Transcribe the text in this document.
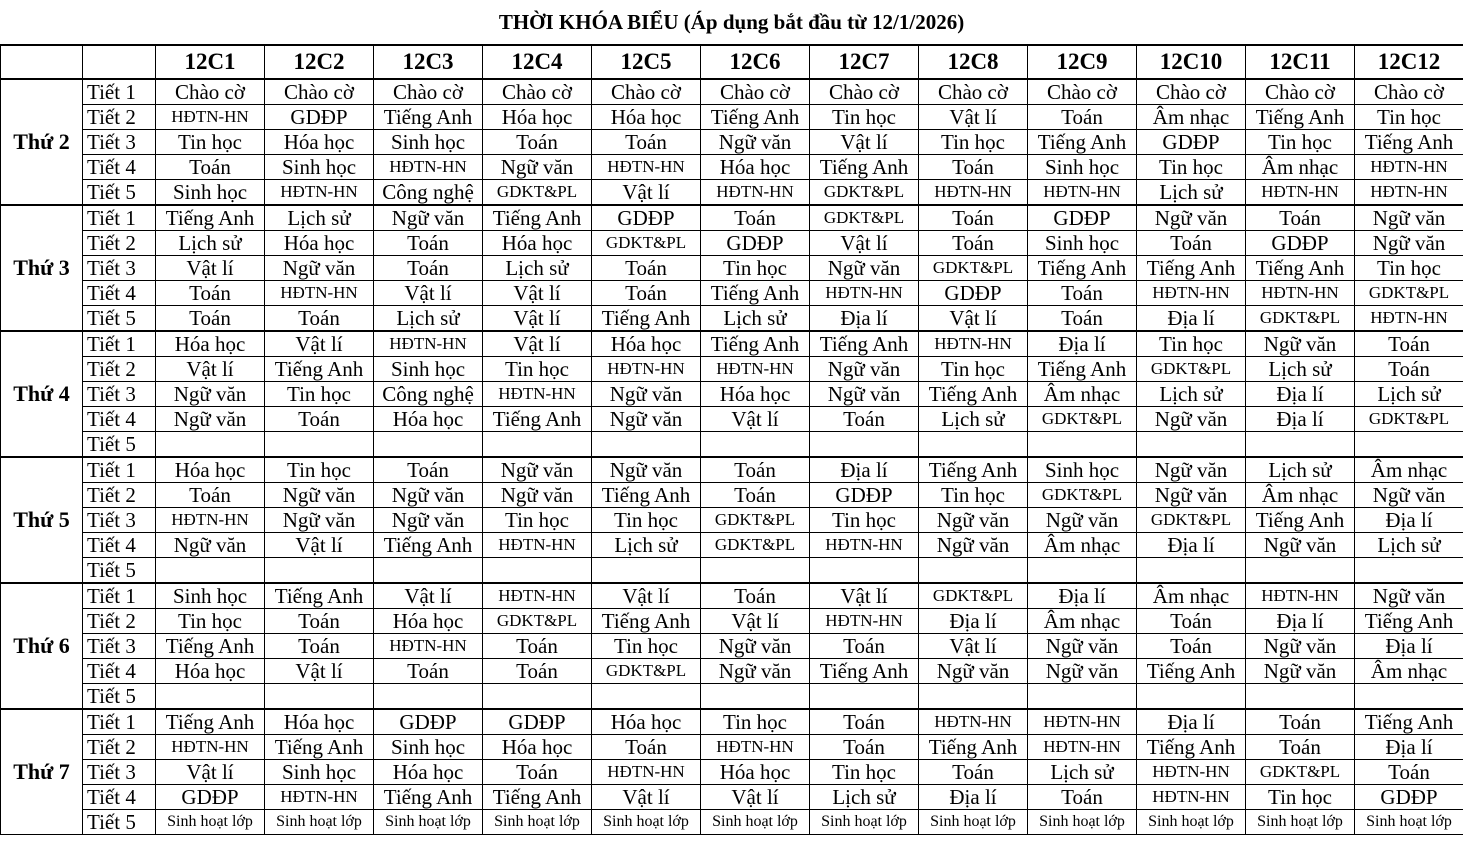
THỜI KHÓA BIỂU (Áp dụng bắt đầu từ 12/1/2026)
		12C1	12C2	12C3	12C4	12C5	12C6	12C7	12C8	12C9	12C10	12C11	12C12
Thứ 2	Tiết 1	Chào cờ	Chào cờ	Chào cờ	Chào cờ	Chào cờ	Chào cờ	Chào cờ	Chào cờ	Chào cờ	Chào cờ	Chào cờ	Chào cờ
	Tiết 2	HĐTN-HN	GDĐP	Tiếng Anh	Hóa học	Hóa học	Tiếng Anh	Tin học	Vật lí	Toán	Âm nhạc	Tiếng Anh	Tin học
	Tiết 3	Tin học	Hóa học	Sinh học	Toán	Toán	Ngữ văn	Vật lí	Tin học	Tiếng Anh	GDĐP	Tin học	Tiếng Anh
	Tiết 4	Toán	Sinh học	HĐTN-HN	Ngữ văn	HĐTN-HN	Hóa học	Tiếng Anh	Toán	Sinh học	Tin học	Âm nhạc	HĐTN-HN
	Tiết 5	Sinh học	HĐTN-HN	Công nghệ	GDKT&PL	Vật lí	HĐTN-HN	GDKT&PL	HĐTN-HN	HĐTN-HN	Lịch sử	HĐTN-HN	HĐTN-HN
Thứ 3	Tiết 1	Tiếng Anh	Lịch sử	Ngữ văn	Tiếng Anh	GDĐP	Toán	GDKT&PL	Toán	GDĐP	Ngữ văn	Toán	Ngữ văn
	Tiết 2	Lịch sử	Hóa học	Toán	Hóa học	GDKT&PL	GDĐP	Vật lí	Toán	Sinh học	Toán	GDĐP	Ngữ văn
	Tiết 3	Vật lí	Ngữ văn	Toán	Lịch sử	Toán	Tin học	Ngữ văn	GDKT&PL	Tiếng Anh	Tiếng Anh	Tiếng Anh	Tin học
	Tiết 4	Toán	HĐTN-HN	Vật lí	Vật lí	Toán	Tiếng Anh	HĐTN-HN	GDĐP	Toán	HĐTN-HN	HĐTN-HN	GDKT&PL
	Tiết 5	Toán	Toán	Lịch sử	Vật lí	Tiếng Anh	Lịch sử	Địa lí	Vật lí	Toán	Địa lí	GDKT&PL	HĐTN-HN
Thứ 4	Tiết 1	Hóa học	Vật lí	HĐTN-HN	Vật lí	Hóa học	Tiếng Anh	Tiếng Anh	HĐTN-HN	Địa lí	Tin học	Ngữ văn	Toán
	Tiết 2	Vật lí	Tiếng Anh	Sinh học	Tin học	HĐTN-HN	HĐTN-HN	Ngữ văn	Tin học	Tiếng Anh	GDKT&PL	Lịch sử	Toán
	Tiết 3	Ngữ văn	Tin học	Công nghệ	HĐTN-HN	Ngữ văn	Hóa học	Ngữ văn	Tiếng Anh	Âm nhạc	Lịch sử	Địa lí	Lịch sử
	Tiết 4	Ngữ văn	Toán	Hóa học	Tiếng Anh	Ngữ văn	Vật lí	Toán	Lịch sử	GDKT&PL	Ngữ văn	Địa lí	GDKT&PL
	Tiết 5												
Thứ 5	Tiết 1	Hóa học	Tin học	Toán	Ngữ văn	Ngữ văn	Toán	Địa lí	Tiếng Anh	Sinh học	Ngữ văn	Lịch sử	Âm nhạc
	Tiết 2	Toán	Ngữ văn	Ngữ văn	Ngữ văn	Tiếng Anh	Toán	GDĐP	Tin học	GDKT&PL	Ngữ văn	Âm nhạc	Ngữ văn
	Tiết 3	HĐTN-HN	Ngữ văn	Ngữ văn	Tin học	Tin học	GDKT&PL	Tin học	Ngữ văn	Ngữ văn	GDKT&PL	Tiếng Anh	Địa lí
	Tiết 4	Ngữ văn	Vật lí	Tiếng Anh	HĐTN-HN	Lịch sử	GDKT&PL	HĐTN-HN	Ngữ văn	Âm nhạc	Địa lí	Ngữ văn	Lịch sử
	Tiết 5												
Thứ 6	Tiết 1	Sinh học	Tiếng Anh	Vật lí	HĐTN-HN	Vật lí	Toán	Vật lí	GDKT&PL	Địa lí	Âm nhạc	HĐTN-HN	Ngữ văn
	Tiết 2	Tin học	Toán	Hóa học	GDKT&PL	Tiếng Anh	Vật lí	HĐTN-HN	Địa lí	Âm nhạc	Toán	Địa lí	Tiếng Anh
	Tiết 3	Tiếng Anh	Toán	HĐTN-HN	Toán	Tin học	Ngữ văn	Toán	Vật lí	Ngữ văn	Toán	Ngữ văn	Địa lí
	Tiết 4	Hóa học	Vật lí	Toán	Toán	GDKT&PL	Ngữ văn	Tiếng Anh	Ngữ văn	Ngữ văn	Tiếng Anh	Ngữ văn	Âm nhạc
	Tiết 5												
Thứ 7	Tiết 1	Tiếng Anh	Hóa học	GDĐP	GDĐP	Hóa học	Tin học	Toán	HĐTN-HN	HĐTN-HN	Địa lí	Toán	Tiếng Anh
	Tiết 2	HĐTN-HN	Tiếng Anh	Sinh học	Hóa học	Toán	HĐTN-HN	Toán	Tiếng Anh	HĐTN-HN	Tiếng Anh	Toán	Địa lí
	Tiết 3	Vật lí	Sinh học	Hóa học	Toán	HĐTN-HN	Hóa học	Tin học	Toán	Lịch sử	HĐTN-HN	GDKT&PL	Toán
	Tiết 4	GDĐP	HĐTN-HN	Tiếng Anh	Tiếng Anh	Vật lí	Vật lí	Lịch sử	Địa lí	Toán	HĐTN-HN	Tin học	GDĐP
	Tiết 5	Sinh hoạt lớp	Sinh hoạt lớp	Sinh hoạt lớp	Sinh hoạt lớp	Sinh hoạt lớp	Sinh hoạt lớp	Sinh hoạt lớp	Sinh hoạt lớp	Sinh hoạt lớp	Sinh hoạt lớp	Sinh hoạt lớp	Sinh hoạt lớp
